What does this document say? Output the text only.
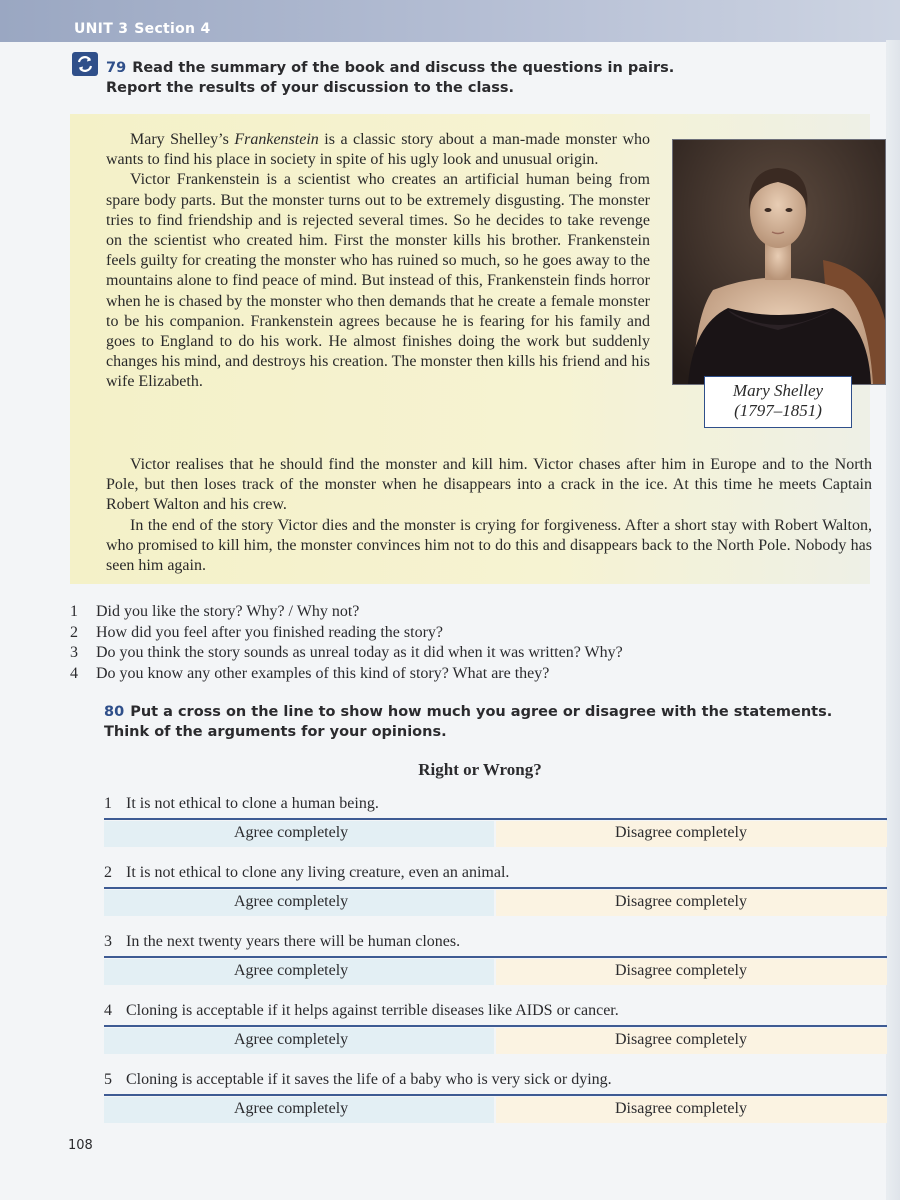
UNIT 3 Section 4
79 Read the summary of the book and discuss the questions in pairs.
Report the results of your discussion to the class.

Mary Shelley’s Frankenstein is a classic story about a man-made monster who wants to find his place in society in spite of his ugly look and unusual origin.

Victor Frankenstein is a scientist who creates an artificial human being from spare body parts. But the monster turns out to be extremely disgusting. The monster tries to find friendship and is rejected several times. So he decides to take revenge on the scientist who created him. First the monster kills his brother. Frankenstein feels guilty for creating the monster who has ruined so much, so he goes away to the mountains alone to find peace of mind. But instead of this, Frankenstein finds horror when he is chased by the monster who then demands that he create a female monster to be his companion. Frankenstein agrees because he is fearing for his family and goes to England to do his work. He almost finishes doing the work but suddenly changes his mind, and destroys his creation. The monster then kills his friend and his wife Elizabeth.

Victor realises that he should find the monster and kill him. Victor chases after him in Europe and to the North Pole, but then loses track of the monster when he disappears into a crack in the ice. At this time he meets Captain Robert Walton and his crew.

In the end of the story Victor dies and the monster is crying for forgiveness. After a short stay with Robert Walton, who promised to kill him, the monster convinces him not to do this and disappears back to the North Pole. Nobody has seen him again.

Mary Shelley
(1797–1851)
1 Did you like the story? Why? / Why not?
2 How did you feel after you finished reading the story?
3 Do you think the story sounds as unreal today as it did when it was written? Why?
4 Do you know any other examples of this kind of story? What are they?
80 Put a cross on the line to show how much you agree or disagree with the statements.
Think of the arguments for your opinions.
Right or Wrong?
1 It is not ethical to clone a human being.
Agree completely	Disagree completely
2 It is not ethical to clone any living creature, even an animal.
Agree completely	Disagree completely
3 In the next twenty years there will be human clones.
Agree completely	Disagree completely
4 Cloning is acceptable if it helps against terrible diseases like AIDS or cancer.
Agree completely	Disagree completely
5 Cloning is acceptable if it saves the life of a baby who is very sick or dying.
Agree completely	Disagree completely
108
